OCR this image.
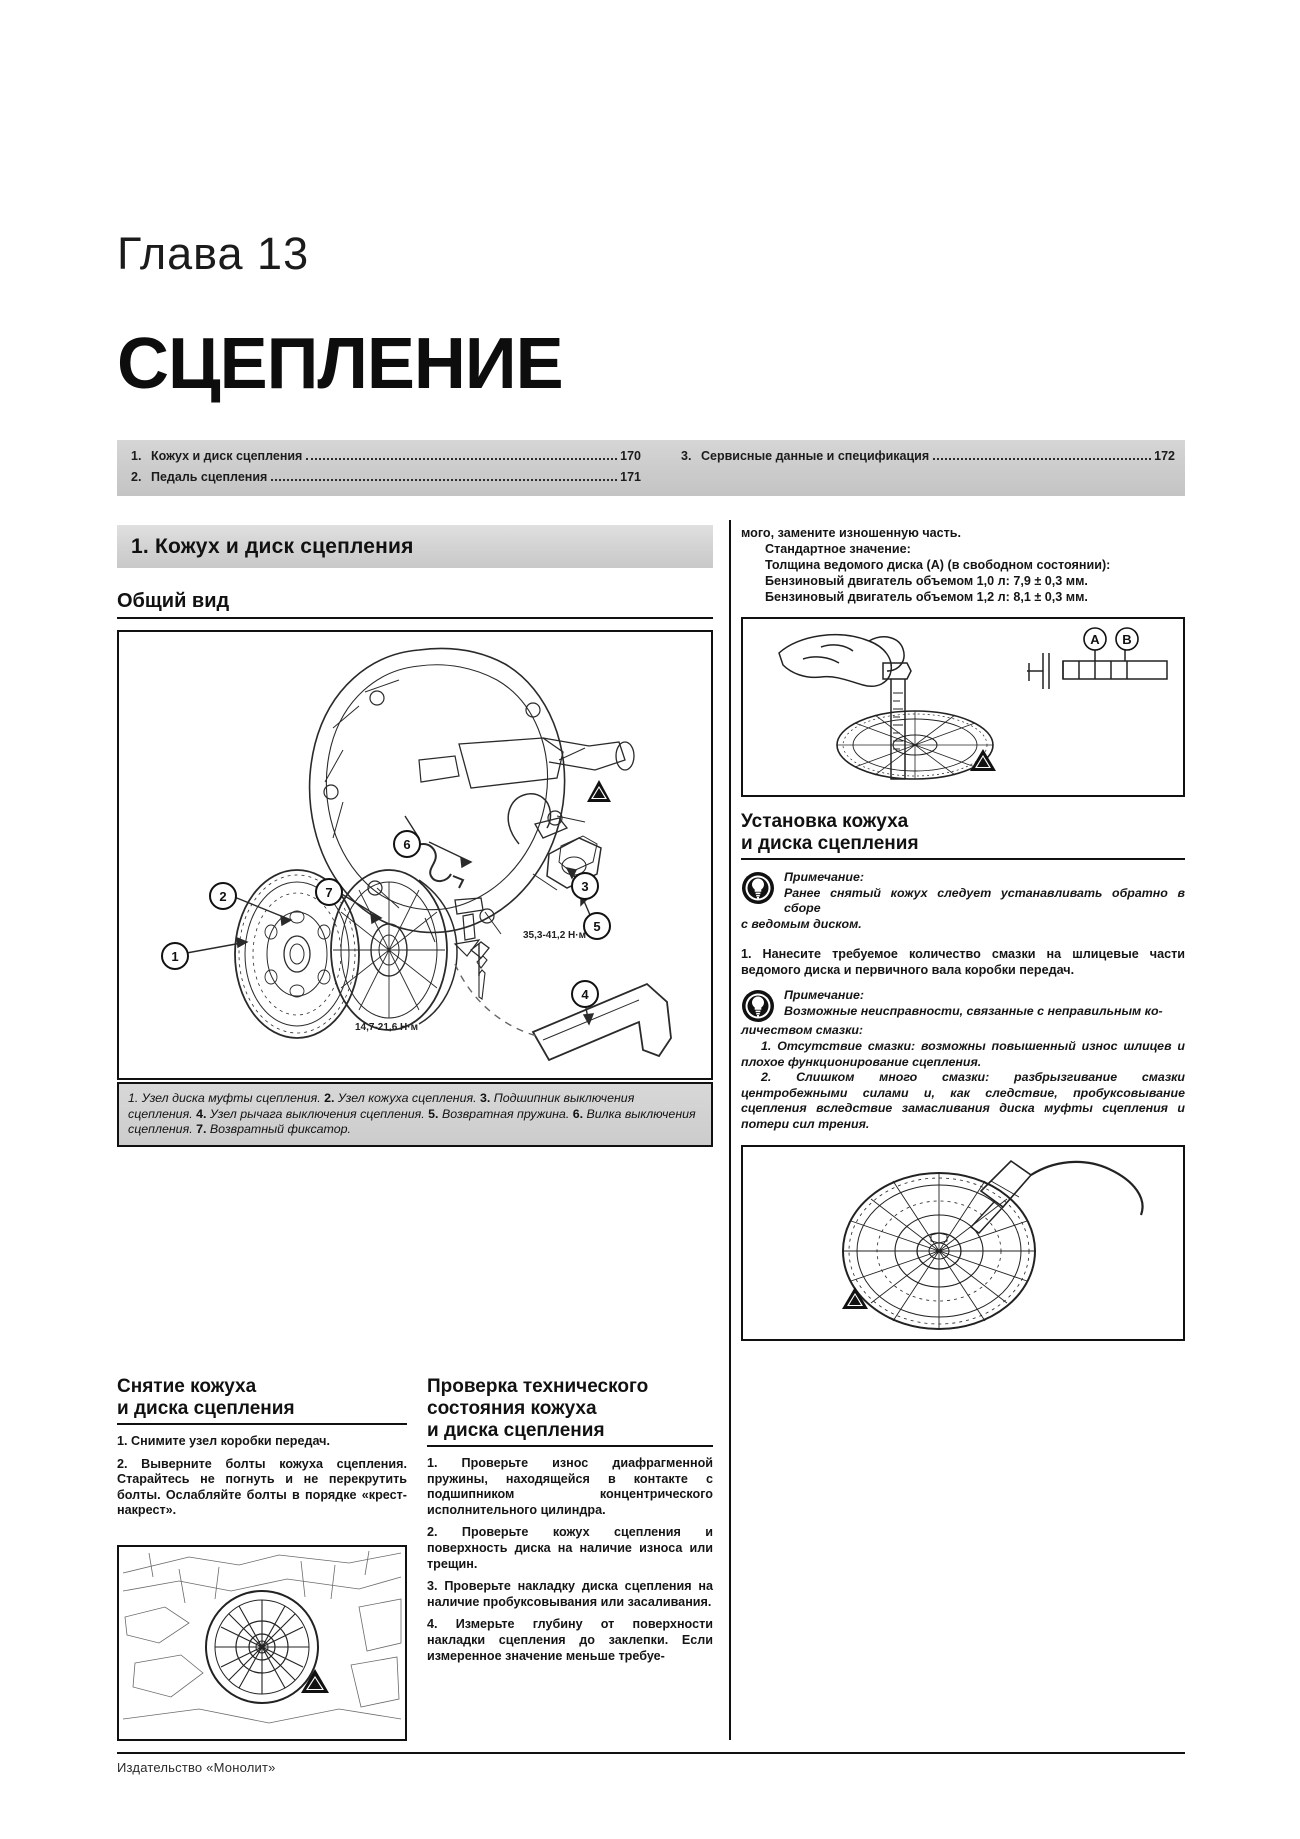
Глава 13
СЦЕПЛЕНИЕ
1. Кожух и диск сцепления	170
2. Педаль сцепления	171
3. Сервисные данные и спецификация	172
1. Кожух и диск сцепления
Общий вид
1
2	7
6
3
5
4
35,3-41,2 Н·м
14,7-21,6 Н·м
1. Узел диска муфты сцепления. 2. Узел кожуха сцепления. 3. Подшипник выключения сцепления. 4. Узел рычага выключения сцепления. 5. Возвратная пружина. 6. Вилка выключения сцепления. 7. Возвратный фиксатор.
Снятие кожуха
и диска сцепления
1. Снимите узел коробки передач.
2. Выверните болты кожуха сцепления. Старайтесь не погнуть и не перекрутить болты. Ослабляйте болты в порядке «крест-накрест».
Проверка технического
состояния кожуха
и диска сцепления
1. Проверьте износ диафрагменной пружины, находящейся в контакте с подшипником концентрического исполнительного цилиндра.
2. Проверьте кожух сцепления и поверхность диска на наличие износа или трещин.
3. Проверьте накладку диска сцепления на наличие пробуксовывания или засаливания.
4. Измерьте глубину от поверхности накладки сцепления до заклепки. Если измеренное значение меньше требуе-
мого, замените изношенную часть.
Стандартное значение:
Толщина ведомого диска (А) (в свободном состоянии):
Бензиновый двигатель объемом 1,0 л: 7,9 ± 0,3 мм.
Бензиновый двигатель объемом 1,2 л: 8,1 ± 0,3 мм.
A B
Установка кожуха
и диска сцепления
Примечание:
Ранее снятый кожух следует устанавливать обратно в сборе
с ведомым диском.
1. Нанесите требуемое количество смазки на шлицевые части ведомого диска и первичного вала коробки передач.
Примечание:
Возможные неисправности, связанные с неправильным ко-
личеством смазки:
1. Отсутствие смазки: возможны повышенный износ шлицев и плохое функционирование сцепления.
2. Слишком много смазки: разбрызгивание смазки центробежными силами и, как следствие, пробуксовывание сцепления вследствие замасливания диска муфты сцепления и потери сил трения.
Издательство «Монолит»
